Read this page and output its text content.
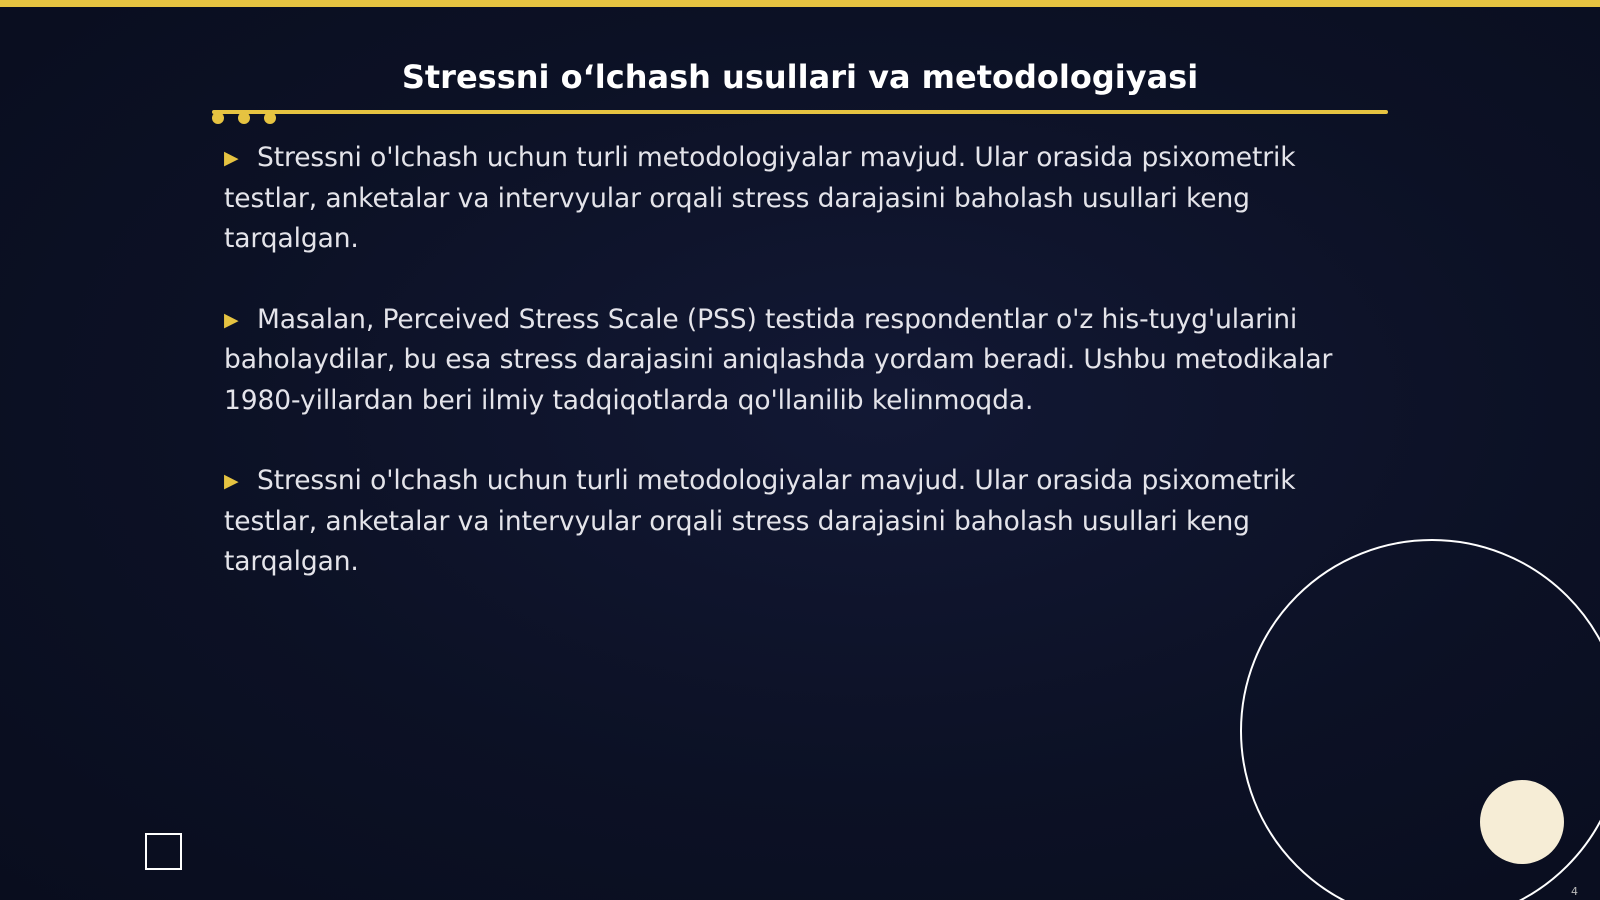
Stressni oʻlchash usullari va metodologiyasi

▶ Stressni o'lchash uchun turli metodologiyalar mavjud. Ular orasida psixometrik testlar, anketalar va intervyular orqali stress darajasini baholash usullari keng tarqalgan.

▶ Masalan, Perceived Stress Scale (PSS) testida respondentlar o'z his-tuyg'ularini baholaydilar, bu esa stress darajasini aniqlashda yordam beradi. Ushbu metodikalar 1980-yillardan beri ilmiy tadqiqotlarda qo'llanilib kelinmoqda.

▶ Stressni o'lchash uchun turli metodologiyalar mavjud. Ular orasida psixometrik testlar, anketalar va intervyular orqali stress darajasini baholash usullari keng tarqalgan.

4
